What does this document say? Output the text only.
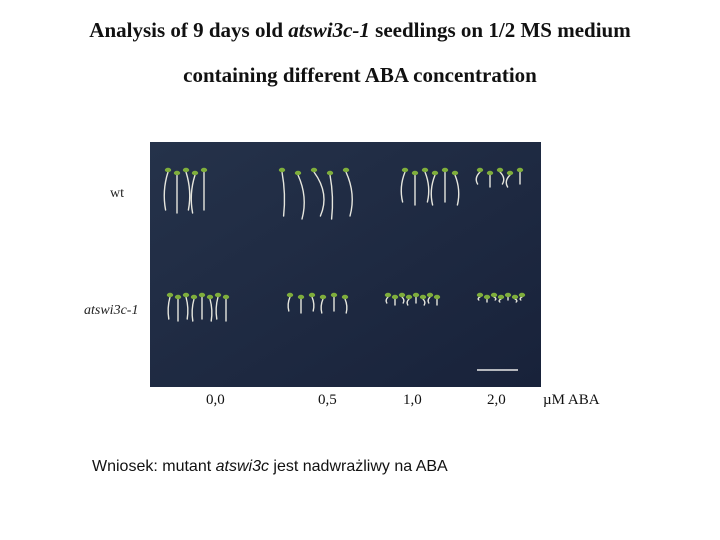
Analysis of 9 days old atswi3c-1 seedlings on 1/2 MS medium
containing different ABA concentration
wt
atswi3c-1
0,0	0,5	1,0	2,0 µM ABA
Wniosek: mutant atswi3c jest nadwrażliwy na ABA
